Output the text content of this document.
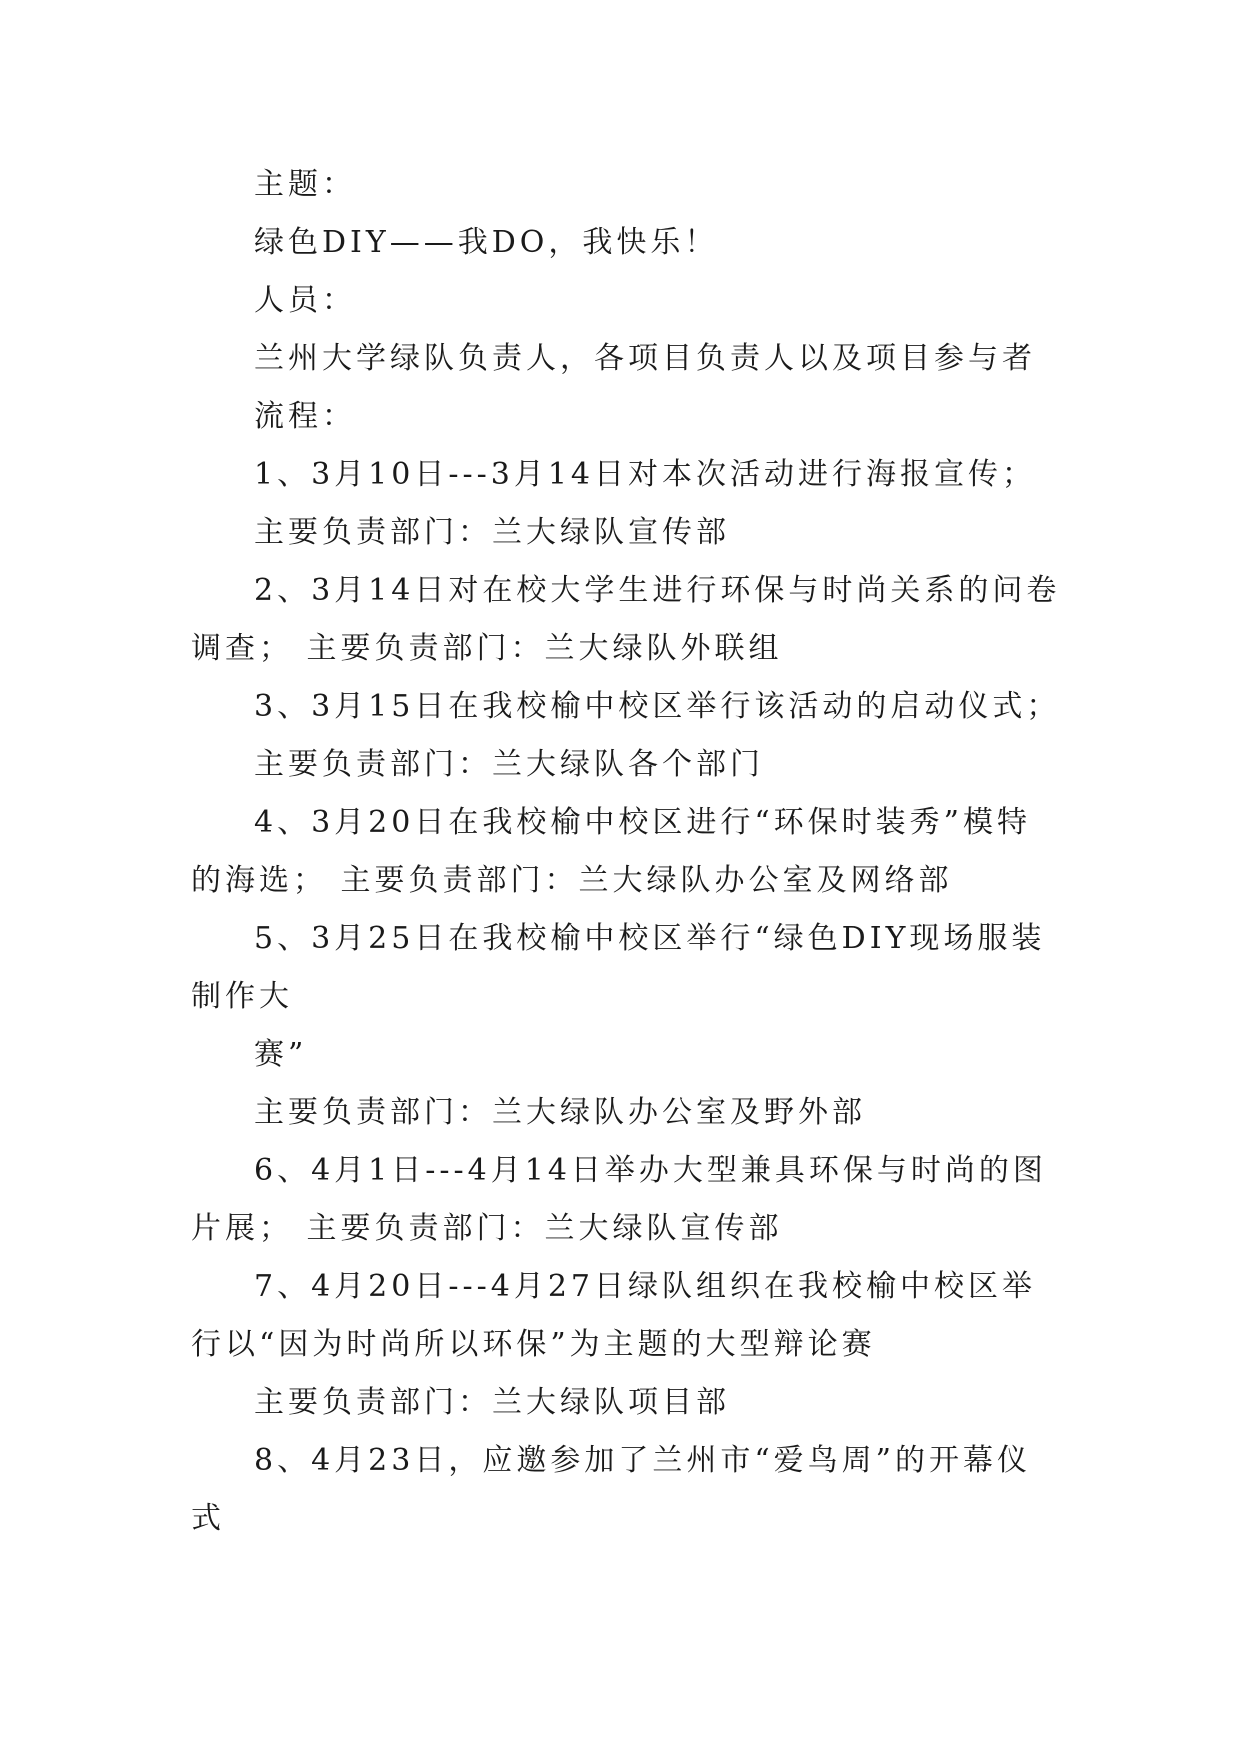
主题：
绿色DIY——我DO，我快乐！
人员：
兰州大学绿队负责人，各项目负责人以及项目参与者
流程：
1、3月10日---3月14日对本次活动进行海报宣传；
主要负责部门：兰大绿队宣传部
2、3月14日对在校大学生进行环保与时尚关系的问卷
调查； 主要负责部门：兰大绿队外联组
3、3月15日在我校榆中校区举行该活动的启动仪式；
主要负责部门：兰大绿队各个部门
4、3月20日在我校榆中校区进行“环保时装秀”模特
的海选； 主要负责部门：兰大绿队办公室及网络部
5、3月25日在我校榆中校区举行“绿色DIY现场服装
制作大
赛”
主要负责部门：兰大绿队办公室及野外部
6、4月1日---4月14日举办大型兼具环保与时尚的图
片展； 主要负责部门：兰大绿队宣传部
7、4月20日---4月27日绿队组织在我校榆中校区举
行以“因为时尚所以环保”为主题的大型辩论赛
主要负责部门：兰大绿队项目部
8、4月23日，应邀参加了兰州市“爱鸟周”的开幕仪
式
